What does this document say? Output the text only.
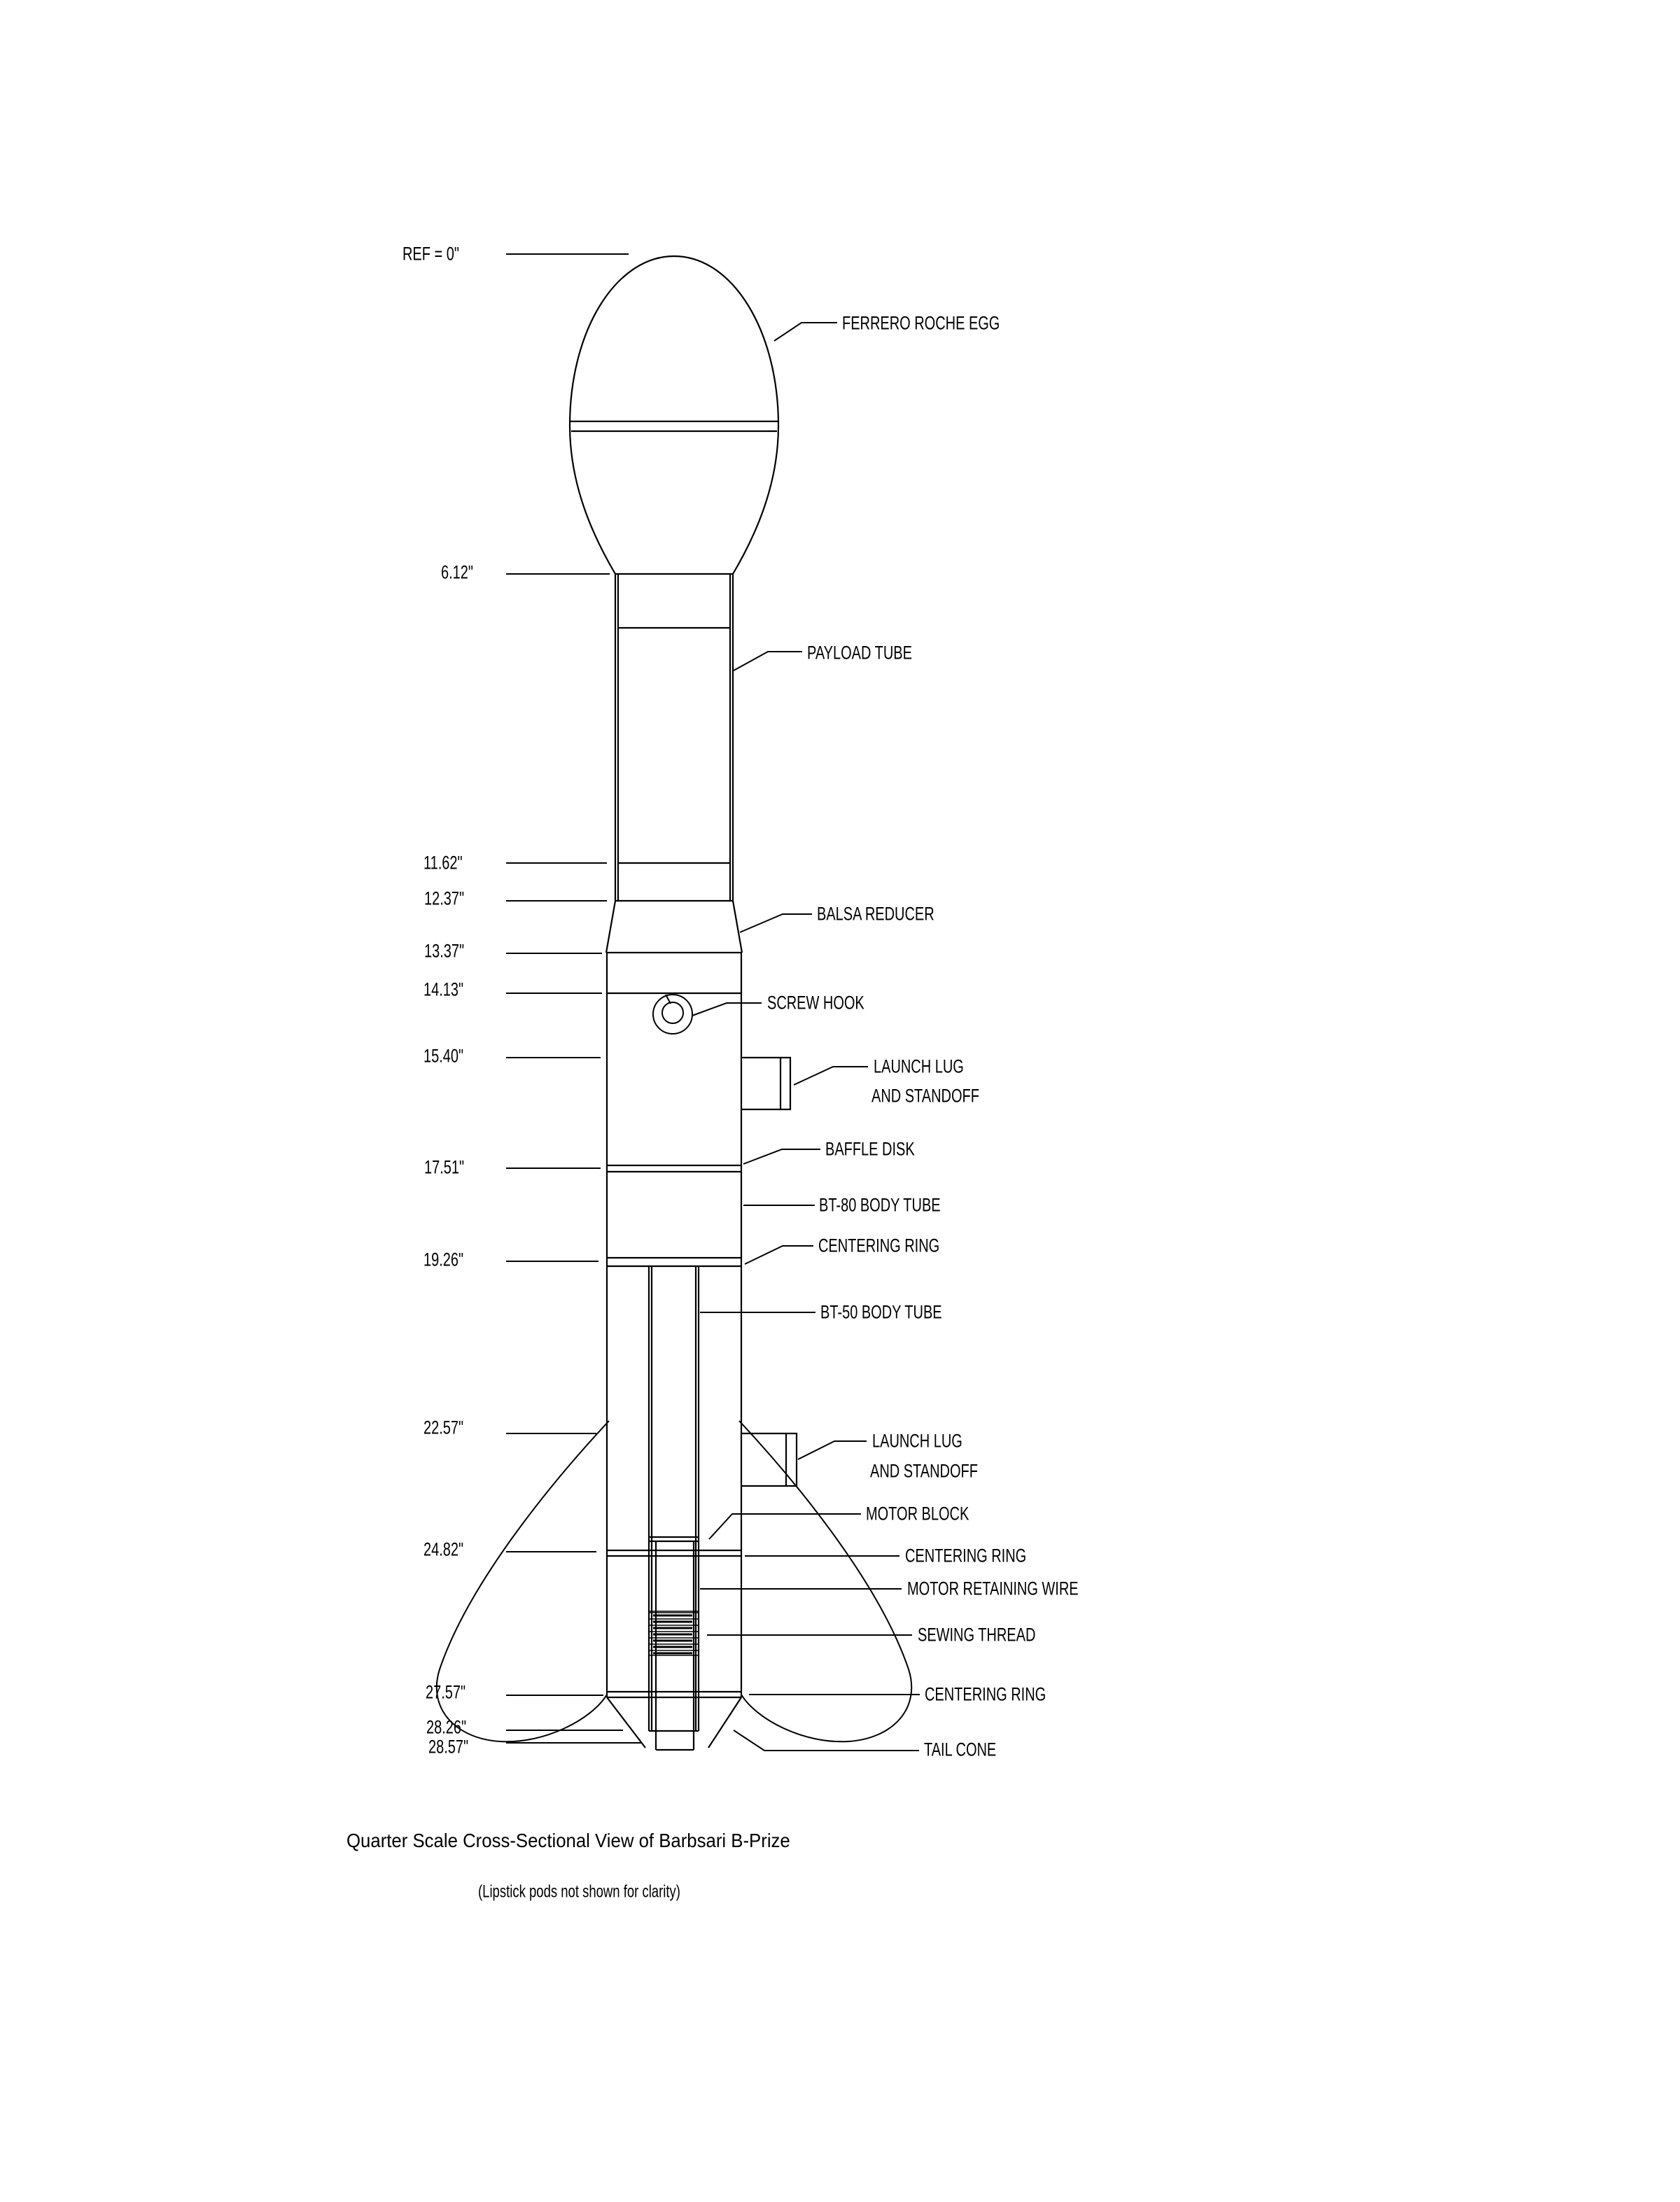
REF = 0"
6.12"
11.62"
12.37"
13.37"
14.13"
15.40"
17.51"
19.26"
22.57"
24.82"
27.57"
28.26"
28.57"
FERRERO ROCHE EGG
PAYLOAD TUBE
BALSA REDUCER
SCREW HOOK
LAUNCH LUG
AND STANDOFF
BAFFLE DISK
BT-80 BODY TUBE
CENTERING RING
BT-50 BODY TUBE
LAUNCH LUG
AND STANDOFF
MOTOR BLOCK
CENTERING RING
MOTOR RETAINING WIRE
SEWING THREAD
CENTERING RING
TAIL CONE
Quarter Scale Cross-Sectional View of Barbsari B-Prize
(Lipstick pods not shown for clarity)
